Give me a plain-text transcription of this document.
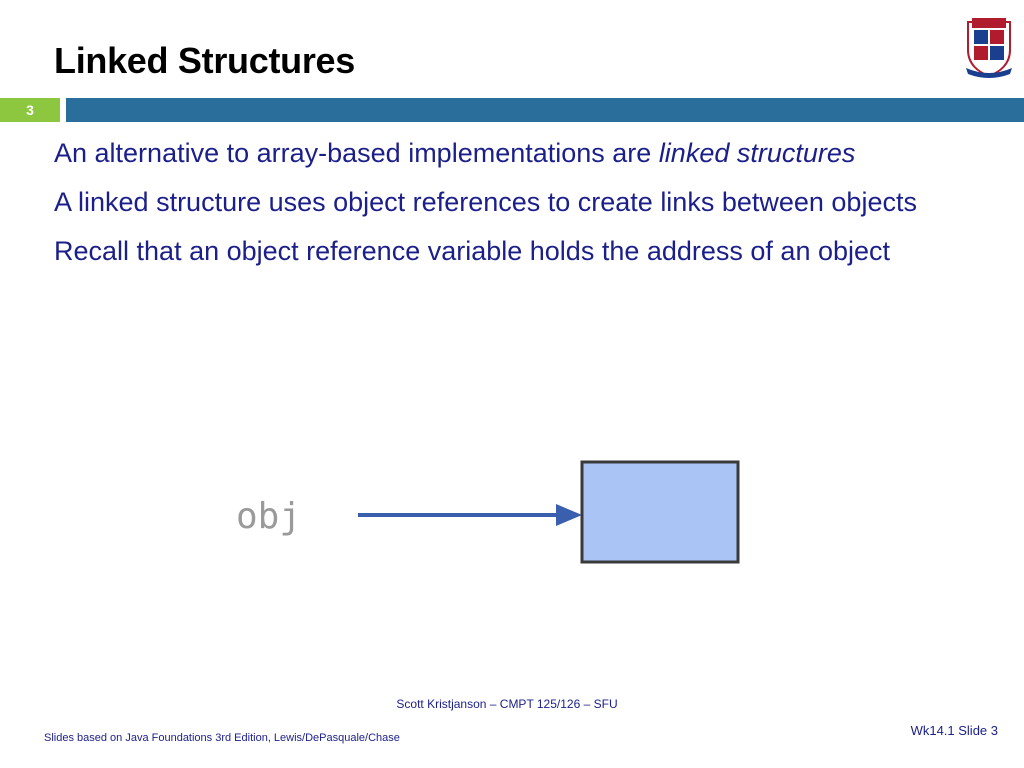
Linked Structures
3
An alternative to array-based implementations are linked structures
A linked structure uses object references to create links between objects
Recall that an object reference variable holds the address of an object
obj
Scott Kristjanson – CMPT 125/126 – SFU
Slides based on Java Foundations 3rd Edition, Lewis/DePasquale/Chase	Wk14.1 Slide 3
